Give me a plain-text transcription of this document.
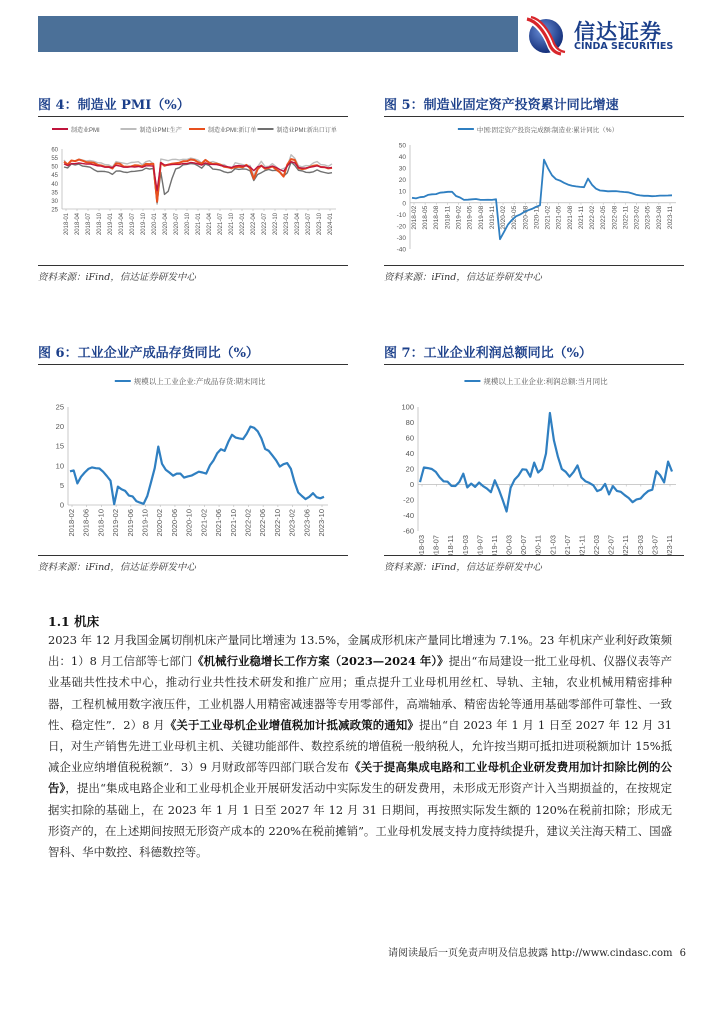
信达证券
CINDA SECURITIES
图 4：制造业 PMI（%）
制造业PMI	制造业PMI:生产	制造业PMI:新订单	制造业PMI:新出口订单
25
30
35
40
45
50
55
60
2018-01 2018-04 2018-07 2018-10 2019-01 2019-04 2019-07 2019-10 2020-01 2020-04 2020-07 2020-10 2021-01 2021-04 2021-07 2021-10 2022-01 2022-04 2022-07 2022-10 2023-01 2023-04 2023-07 2023-10 2024-01
资料来源：iFind，信达证券研发中心
图 5：制造业固定资产投资累计同比增速
中国:固定资产投资完成额:制造业:累计同比（%）
-40
-30
-20
-10
0
10
20
30
40
50
2018-02 2018-05 2018-08 2018-11 2019-02 2019-05 2019-08 2019-11 2020-02 2020-05 2020-08 2020-11 2021-02 2021-05 2021-08 2021-11 2022-02 2022-05 2022-08 2022-11 2023-02 2023-05 2023-08 2023-11
资料来源：iFind，信达证券研发中心
图 6：工业企业产成品存货同比（%）
规模以上工业企业:产成品存货:期末同比
0
5
10
15
20
25
2018-02 2018-06 2018-10 2019-02 2019-06 2019-10 2020-02 2020-06 2020-10 2021-02 2021-06 2021-10 2022-02 2022-06 2022-10 2023-02 2023-06 2023-10
资料来源：iFind，信达证券研发中心
图 7：工业企业利润总额同比（%）
规模以上工业企业:利润总额:当月同比
-60
-40
-20
0
20
40
60
80
100
2018-03 2018-07 2018-11 2019-03 2019-07 2019-11 2020-03 2020-07 2020-11 2021-03 2021-07 2021-11 2022-03 2022-07 2022-11 2023-03 2023-07 2023-11
资料来源：iFind，信达证券研发中心
1.1 机床
2023 年 12 月我国金属切削机床产量同比增速为 13.5%，金属成形机床产量同比增速为 7.1%。23 年机床产业利好政策频出：1）8 月工信部等七部门《机械行业稳增长工作方案（2023—2024 年）》提出“布局建设一批工业母机、仪器仪表等产业基础共性技术中心，推动行业共性技术研发和推广应用；重点提升工业母机用丝杠、导轨、主轴，农业机械用精密排种器，工程机械用数字液压件，工业机器人用精密减速器等专用零部件，高端轴承、精密齿轮等通用基础零部件可靠性、一致性、稳定性”．2）8 月《关于工业母机企业增值税加计抵减政策的通知》提出“自 2023 年 1 月 1 日至 2027 年 12 月 31 日，对生产销售先进工业母机主机、关键功能部件、数控系统的增值税一般纳税人，允许按当期可抵扣进项税额加计 15%抵减企业应纳增值税税额”．3）9 月财政部等四部门联合发布《关于提高集成电路和工业母机企业研发费用加计扣除比例的公告》，提出“集成电路企业和工业母机企业开展研发活动中实际发生的研发费用，未形成无形资产计入当期损益的，在按规定据实扣除的基础上，在 2023 年 1 月 1 日至 2027 年 12 月 31 日期间，再按照实际发生额的 120%在税前扣除；形成无形资产的，在上述期间按照无形资产成本的 220%在税前摊销”。工业母机发展支持力度持续提升，建议关注海天精工、国盛智科、华中数控、科德数控等。
请阅读最后一页免责声明及信息披露 http://www.cindasc.com 6
